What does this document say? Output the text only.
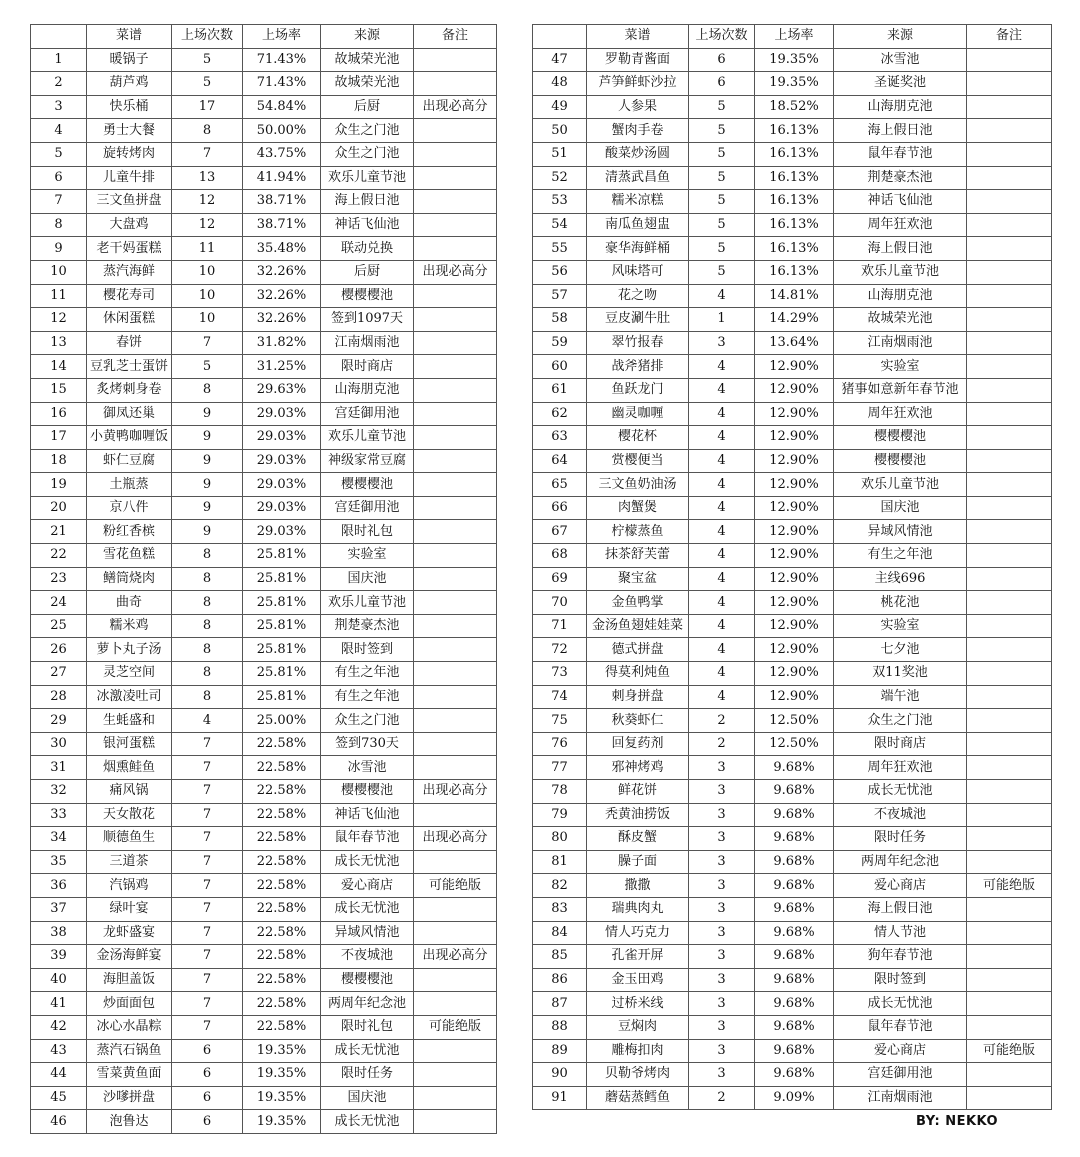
	菜谱	上场次数	上场率	来源	备注
1	暖锅子	5	71.43%	故城荣光池	
2	葫芦鸡	5	71.43%	故城荣光池	
3	快乐桶	17	54.84%	后厨	出现必高分
4	勇士大餐	8	50.00%	众生之门池	
5	旋转烤肉	7	43.75%	众生之门池	
6	儿童牛排	13	41.94%	欢乐儿童节池	
7	三文鱼拼盘	12	38.71%	海上假日池	
8	大盘鸡	12	38.71%	神话飞仙池	
9	老干妈蛋糕	11	35.48%	联动兑换	
10	蒸汽海鲜	10	32.26%	后厨	出现必高分
11	樱花寿司	10	32.26%	樱樱樱池	
12	休闲蛋糕	10	32.26%	签到1097天	
13	春饼	7	31.82%	江南烟雨池	
14	豆乳芝士蛋饼	5	31.25%	限时商店	
15	炙烤刺身卷	8	29.63%	山海朋克池	
16	御凤还巢	9	29.03%	宫廷御用池	
17	小黄鸭咖喱饭	9	29.03%	欢乐儿童节池	
18	虾仁豆腐	9	29.03%	神级家常豆腐	
19	土瓶蒸	9	29.03%	樱樱樱池	
20	京八件	9	29.03%	宫廷御用池	
21	粉红香槟	9	29.03%	限时礼包	
22	雪花鱼糕	8	25.81%	实验室	
23	鳝筒烧肉	8	25.81%	国庆池	
24	曲奇	8	25.81%	欢乐儿童节池	
25	糯米鸡	8	25.81%	荆楚豪杰池	
26	萝卜丸子汤	8	25.81%	限时签到	
27	灵芝空间	8	25.81%	有生之年池	
28	冰激凌吐司	8	25.81%	有生之年池	
29	生蚝盛和	4	25.00%	众生之门池	
30	银河蛋糕	7	22.58%	签到730天	
31	烟熏鲑鱼	7	22.58%	冰雪池	
32	痛风锅	7	22.58%	樱樱樱池	出现必高分
33	天女散花	7	22.58%	神话飞仙池	
34	顺德鱼生	7	22.58%	鼠年春节池	出现必高分
35	三道茶	7	22.58%	成长无忧池	
36	汽锅鸡	7	22.58%	爱心商店	可能绝版
37	绿叶宴	7	22.58%	成长无忧池	
38	龙虾盛宴	7	22.58%	异域风情池	
39	金汤海鲜宴	7	22.58%	不夜城池	出现必高分
40	海胆盖饭	7	22.58%	樱樱樱池	
41	炒面面包	7	22.58%	两周年纪念池	
42	冰心水晶粽	7	22.58%	限时礼包	可能绝版
43	蒸汽石锅鱼	6	19.35%	成长无忧池	
44	雪菜黄鱼面	6	19.35%	限时任务	
45	沙嗲拼盘	6	19.35%	国庆池	
46	泡鲁达	6	19.35%	成长无忧池	
	菜谱	上场次数	上场率	来源	备注
47	罗勒青酱面	6	19.35%	冰雪池	
48	芦笋鲜虾沙拉	6	19.35%	圣诞奖池	
49	人参果	5	18.52%	山海朋克池	
50	蟹肉手卷	5	16.13%	海上假日池	
51	酸菜炒汤圆	5	16.13%	鼠年春节池	
52	清蒸武昌鱼	5	16.13%	荆楚豪杰池	
53	糯米凉糕	5	16.13%	神话飞仙池	
54	南瓜鱼翅盅	5	16.13%	周年狂欢池	
55	豪华海鲜桶	5	16.13%	海上假日池	
56	风味塔可	5	16.13%	欢乐儿童节池	
57	花之吻	4	14.81%	山海朋克池	
58	豆皮涮牛肚	1	14.29%	故城荣光池	
59	翠竹报春	3	13.64%	江南烟雨池	
60	战斧猪排	4	12.90%	实验室	
61	鱼跃龙门	4	12.90%	猪事如意新年春节池	
62	幽灵咖喱	4	12.90%	周年狂欢池	
63	樱花杯	4	12.90%	樱樱樱池	
64	赏樱便当	4	12.90%	樱樱樱池	
65	三文鱼奶油汤	4	12.90%	欢乐儿童节池	
66	肉蟹煲	4	12.90%	国庆池	
67	柠檬蒸鱼	4	12.90%	异域风情池	
68	抹茶舒芙蕾	4	12.90%	有生之年池	
69	聚宝盆	4	12.90%	主线696	
70	金鱼鸭掌	4	12.90%	桃花池	
71	金汤鱼翅娃娃菜	4	12.90%	实验室	
72	德式拼盘	4	12.90%	七夕池	
73	得莫利炖鱼	4	12.90%	双11奖池	
74	刺身拼盘	4	12.90%	端午池	
75	秋葵虾仁	2	12.50%	众生之门池	
76	回复药剂	2	12.50%	限时商店	
77	邪神烤鸡	3	9.68%	周年狂欢池	
78	鲜花饼	3	9.68%	成长无忧池	
79	秃黄油捞饭	3	9.68%	不夜城池	
80	酥皮蟹	3	9.68%	限时任务	
81	臊子面	3	9.68%	两周年纪念池	
82	撒撒	3	9.68%	爱心商店	可能绝版
83	瑞典肉丸	3	9.68%	海上假日池	
84	情人巧克力	3	9.68%	情人节池	
85	孔雀开屏	3	9.68%	狗年春节池	
86	金玉田鸡	3	9.68%	限时签到	
87	过桥米线	3	9.68%	成长无忧池	
88	豆焖肉	3	9.68%	鼠年春节池	
89	雕梅扣肉	3	9.68%	爱心商店	可能绝版
90	贝勒爷烤肉	3	9.68%	宫廷御用池	
91	蘑菇蒸鳕鱼	2	9.09%	江南烟雨池	
BY: NEKKO
